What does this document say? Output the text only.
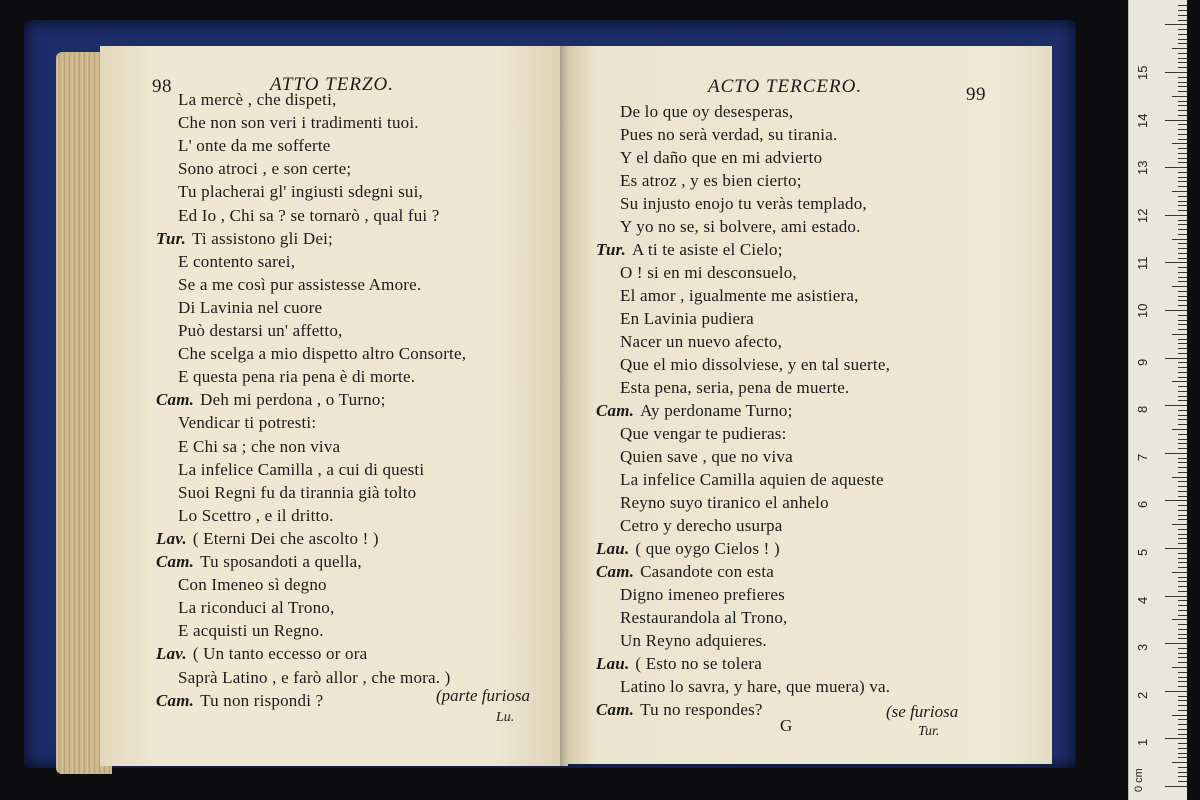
98	ATTO TERZO.
La mercè , che dispeti,
Che non son veri i tradimenti tuoi.
L' onte da me sofferte
Sono atroci , e son certe;
Tu placherai gl' ingiusti sdegni sui,
Ed Io , Chi sa ? se tornarò , qual fui ?
Tur. Ti assistono gli Dei;
E contento sarei,
Se a me così pur assistesse Amore.
Di Lavinia nel cuore
Può destarsi un' affetto,
Che scelga a mio dispetto altro Consorte,
E questa pena ria pena è di morte.
Cam. Deh mi perdona , o Turno;
Vendicar ti potresti:
E Chi sa ; che non viva
La infelice Camilla , a cui di questi
Suoi Regni fu da tirannia già tolto
Lo Scettro , e il dritto.
Lav. ( Eterni Dei che ascolto ! )
Cam. Tu sposandoti a quella,
Con Imeneo sì degno
La riconduci al Trono,
E acquisti un Regno.
Lav. ( Un tanto eccesso or ora
Saprà Latino , e farò allor , che mora. )
Cam. Tu non rispondi ?	(parte furiosa
Lu.
ACTO TERCERO.	99
De lo que oy desesperas,
Pues no serà verdad, su tirania.
Y el daño que en mi advierto
Es atroz , y es bien cierto;
Su injusto enojo tu veràs templado,
Y yo no se, si bolvere, ami estado.
Tur. A ti te asiste el Cielo;
O ! si en mi desconsuelo,
El amor , igualmente me asistiera,
En Lavinia pudiera
Nacer un nuevo afecto,
Que el mio dissolviese, y en tal suerte,
Esta pena, seria, pena de muerte.
Cam. Ay perdoname Turno;
Que vengar te pudieras:
Quien save , que no viva
La infelice Camilla aquien de aqueste
Reyno suyo tiranico el anhelo
Cetro y derecho usurpa
Lau. ( que oygo Cielos ! )
Cam. Casandote con esta
Digno imeneo prefieres
Restaurandola al Trono,
Un Reyno adquieres.
Lau. ( Esto no se tolera
Latino lo savra, y hare, que muera) va.
Cam. Tu no respondes?	(se furiosa
G	Tur.
0 cm
1
2
3
4
5
6
7
8
9
10
11
12
13
14
15
